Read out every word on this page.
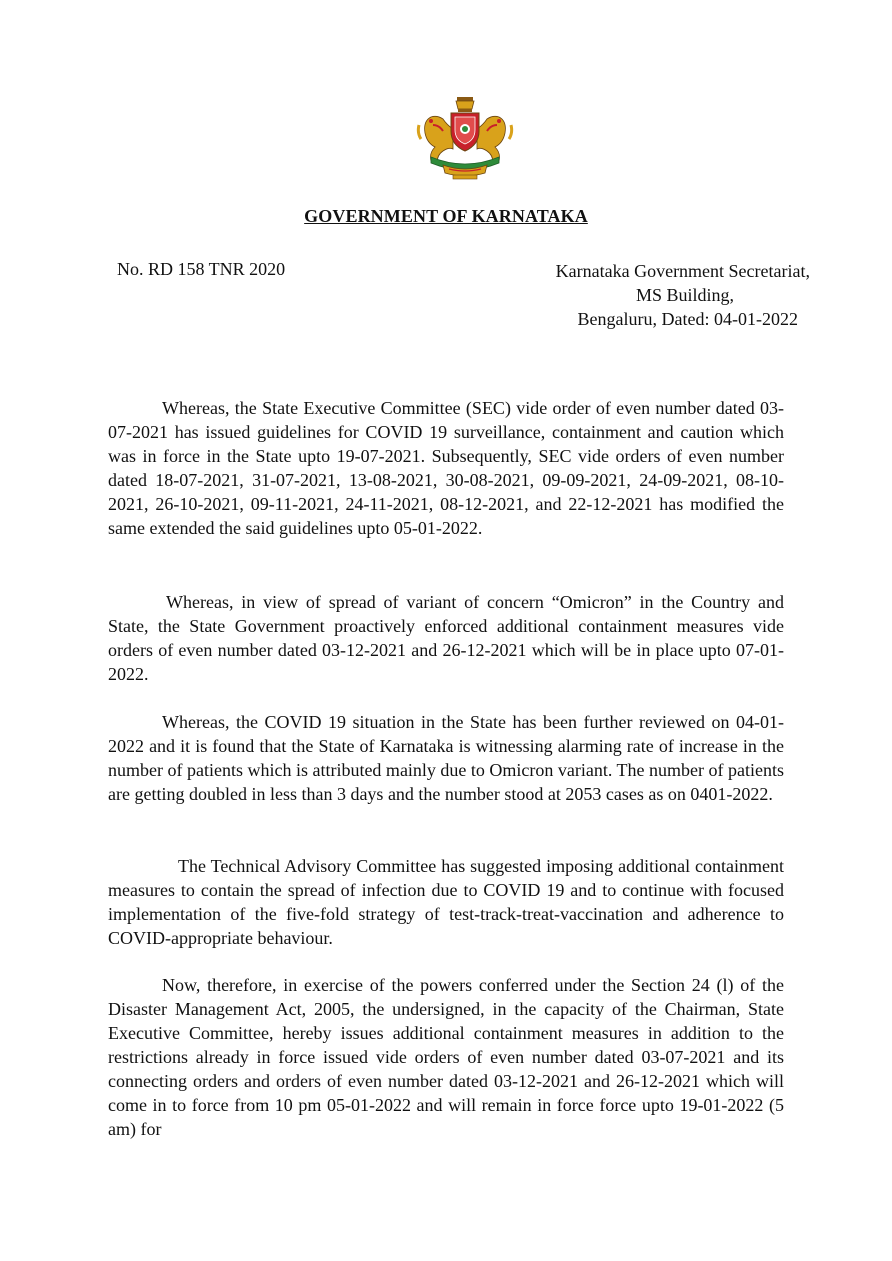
GOVERNMENT OF KARNATAKA
No. RD 158 TNR 2020	Karnataka Government Secretariat,
MS Building,
Bengaluru, Dated: 04-01-2022

Whereas, the State Executive Committee (SEC) vide order of even number dated 03-07-2021 has issued guidelines for COVID 19 surveillance, containment and caution which was in force in the State upto 19-07-2021. Subsequently, SEC vide orders of even number dated 18-07-2021, 31-07-2021, 13-08-2021, 30-08-2021, 09-09-2021, 24-09-2021, 08-10-2021, 26-10-2021, 09-11-2021, 24-11-2021, 08-12-2021, and 22-12-2021 has modified the same extended the said guidelines upto 05-01-2022.

Whereas, in view of spread of variant of concern “Omicron” in the Country and State, the State Government proactively enforced additional containment measures vide orders of even number dated 03-12-2021 and 26-12-2021 which will be in place upto 07-01-2022.

Whereas, the COVID 19 situation in the State has been further reviewed on 04-01-2022 and it is found that the State of Karnataka is witnessing alarming rate of increase in the number of patients which is attributed mainly due to Omicron variant. The number of patients are getting doubled in less than 3 days and the number stood at 2053 cases as on 0401-2022.

The Technical Advisory Committee has suggested imposing additional containment measures to contain the spread of infection due to COVID 19 and to continue with focused implementation of the five-fold strategy of test-track-treat-vaccination and adherence to COVID-appropriate behaviour.

Now, therefore, in exercise of the powers conferred under the Section 24 (l) of the Disaster Management Act, 2005, the undersigned, in the capacity of the Chairman, State Executive Committee, hereby issues additional containment measures in addition to the restrictions already in force issued vide orders of even number dated 03-07-2021 and its connecting orders and orders of even number dated 03-12-2021 and 26-12-2021 which will come in to force from 10 pm 05-01-2022 and will remain in force force upto 19-01-2022 (5 am) for
